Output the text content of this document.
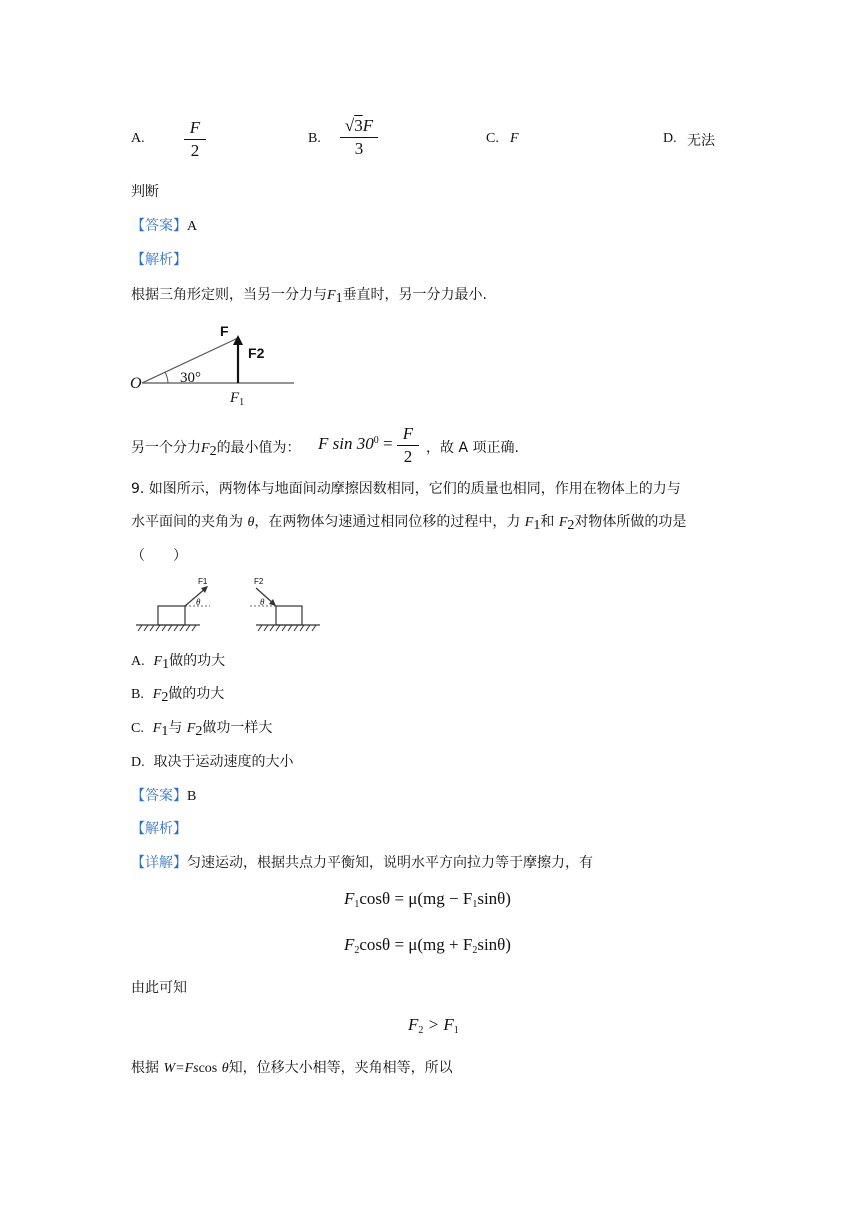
A.
F
2
B.
√3F
3
C. F	D. 无法
判断
【答案】A
【解析】
根据三角形定则，当另一分力与$F_1$垂直时，另一分力最小.
F
F2
30°
O
$F_1$
另一个分力$F_2$的最小值为： F $\sin 30^0$ =
F
2 ，故 A 项正确.
9. 如图所示，两物体与地面间动摩擦因数相同，它们的质量也相同，作用在物体上的力与
水平面间的夹角为 θ，在两物体匀速通过相同位移的过程中，力 $F_1$和 $F_2$对物体所做的功是
（　　）
F1
θ
F2
θ
A. $F_1$做的功大
B. $F_2$做的功大
C. $F_1$与 $F_2$做功一样大
D. 取决于运动速度的大小
【答案】B
【解析】
【详解】匀速运动，根据共点力平衡知，说明水平方向拉力等于摩擦力，有
$F_1\cos\theta = \mu(mg - F_1\sin\theta)$
$F_2\cos\theta = \mu(mg + F_2\sin\theta)$
由此可知
$F_2 > F_1$
根据 W=Fscos θ知，位移大小相等，夹角相等，所以
